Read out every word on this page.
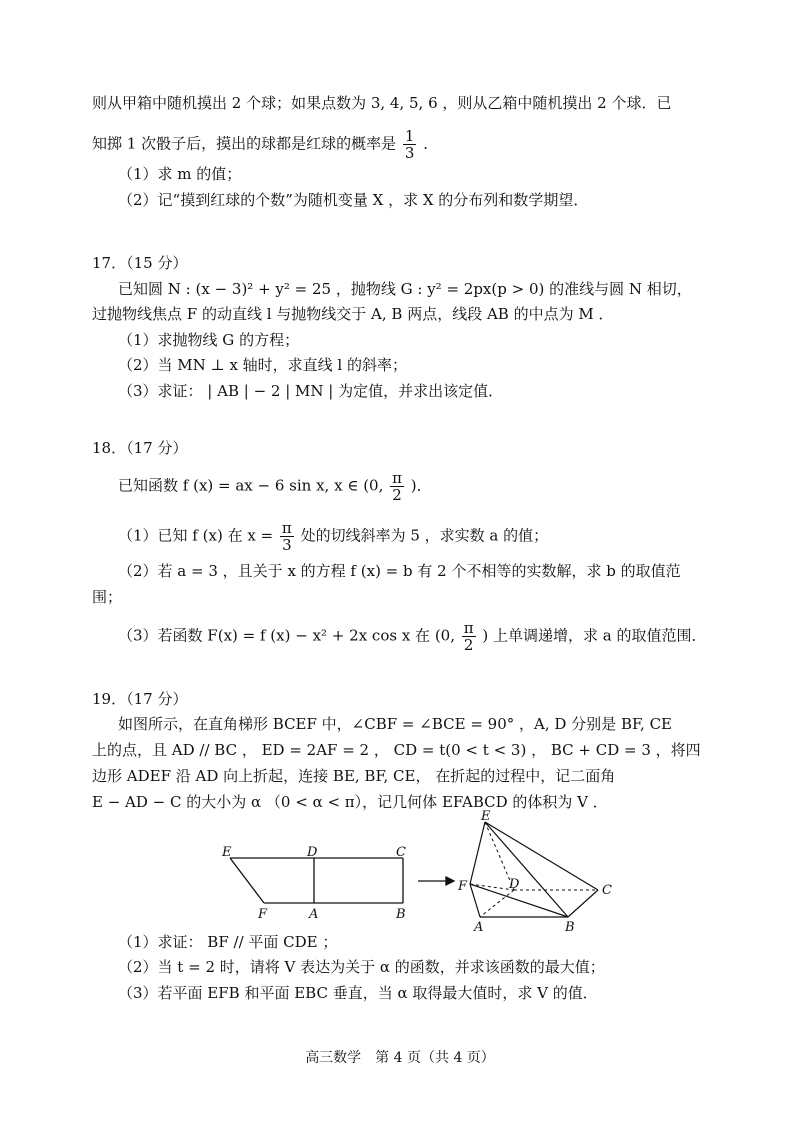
则从甲箱中随机摸出 2 个球；如果点数为 3, 4, 5, 6 ，则从乙箱中随机摸出 2 个球．已
知掷 1 次骰子后，摸出的球都是红球的概率是 $\frac{1}{3}$ ．
（1）求 m 的值；
（2）记“摸到红球的个数”为随机变量 X ，求 X 的分布列和数学期望．
17．（15 分）
已知圆 N : (x − 3)² + y² = 25 ，抛物线 G : y² = 2px(p > 0) 的准线与圆 N 相切，
过抛物线焦点 F 的动直线 l 与抛物线交于 A, B 两点，线段 AB 的中点为 M ．
（1）求抛物线 G 的方程；
（2）当 MN ⊥ x 轴时，求直线 l 的斜率；
（3）求证： | AB | − 2 | MN | 为定值，并求出该定值．
18．（17 分）
已知函数 f (x) = ax − 6 sin x, x ∈ (0, $\frac{\pi}{2}$ )．
（1）已知 f (x) 在 $x = \frac{\pi}{3}$ 处的切线斜率为 5 ，求实数 a 的值；
（2）若 a = 3 ，且关于 x 的方程 f (x) = b 有 2 个不相等的实数解，求 b 的取值范
围；
（3）若函数 F(x) = f (x) − x² + 2x cos x 在 (0, $\frac{\pi}{2}$ ) 上单调递增，求 a 的取值范围．
19．（17 分）
如图所示，在直角梯形 BCEF 中，∠CBF = ∠BCE = 90° ，A, D 分别是 BF, CE
上的点，且 AD // BC ， ED = 2AF = 2 ， CD = t(0 < t < 3) ， BC + CD = 3 ，将四
边形 ADEF 沿 AD 向上折起，连接 BE, BF, CE， 在折起的过程中，记二面角
E − AD − C 的大小为 α （0 < α < π），记几何体 EFABCD 的体积为 V ．
E	D	C
F	A	B
E
F	D	C
A	B
（1）求证： BF // 平面 CDE ；
（2）当 t = 2 时，请将 V 表达为关于 α 的函数，并求该函数的最大值；
（3）若平面 EFB 和平面 EBC 垂直，当 α 取得最大值时，求 V 的值．
高三数学　第 4 页（共 4 页）
